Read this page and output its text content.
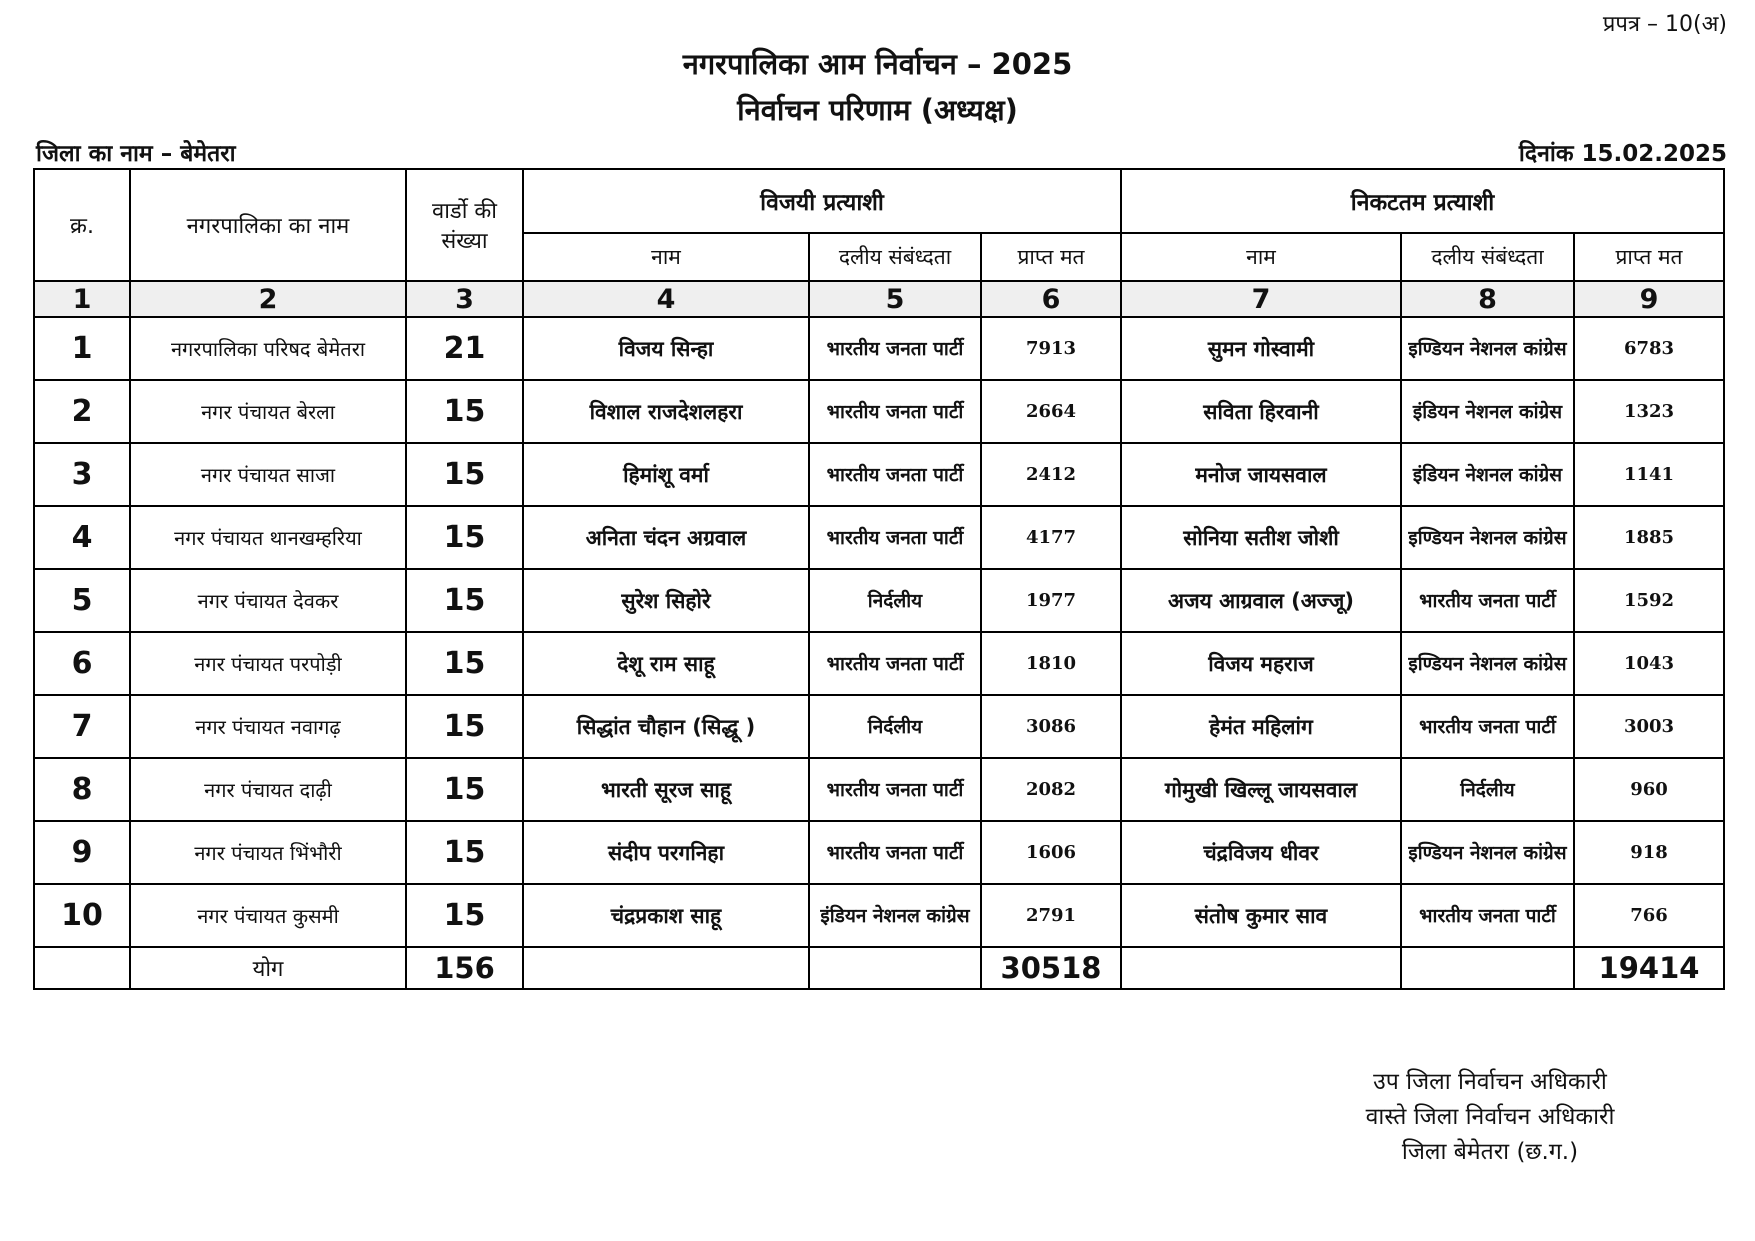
प्रपत्र – 10(अ)
नगरपालिका आम निर्वाचन – 2025
निर्वाचन परिणाम (अध्यक्ष)
जिला का नाम – बेमेतरा	दिनांक 15.02.2025
क्र.	नगरपालिका का नाम	वार्डो की संख्या	विजयी प्रत्याशी			निकटतम प्रत्याशी		
			नाम	दलीय संबंध्दता	प्राप्त मत	नाम	दलीय संबंध्दता	प्राप्त मत
1	2	3	4	5	6	7	8	9
1	नगरपालिका परिषद बेमेतरा	21	विजय सिन्हा	भारतीय जनता पार्टी	7913	सुमन गोस्वामी	इण्डियन नेशनल कांग्रेस	6783
2	नगर पंचायत बेरला	15	विशाल राजदेशलहरा	भारतीय जनता पार्टी	2664	सविता हिरवानी	इंडियन नेशनल कांग्रेस	1323
3	नगर पंचायत साजा	15	हिमांशू वर्मा	भारतीय जनता पार्टी	2412	मनोज जायसवाल	इंडियन नेशनल कांग्रेस	1141
4	नगर पंचायत थानखम्हरिया	15	अनिता चंदन अग्रवाल	भारतीय जनता पार्टी	4177	सोनिया सतीश जोशी	इण्डियन नेशनल कांग्रेस	1885
5	नगर पंचायत देवकर	15	सुरेश सिहोरे	निर्दलीय	1977	अजय आग्रवाल (अज्जू)	भारतीय जनता पार्टी	1592
6	नगर पंचायत परपोड़ी	15	देशू राम साहू	भारतीय जनता पार्टी	1810	विजय महराज	इण्डियन नेशनल कांग्रेस	1043
7	नगर पंचायत नवागढ़	15	सिद्धांत चौहान (सिद्धू )	निर्दलीय	3086	हेमंत महिलांग	भारतीय जनता पार्टी	3003
8	नगर पंचायत दाढ़ी	15	भारती सूरज साहू	भारतीय जनता पार्टी	2082	गोमुखी खिल्लू जायसवाल	निर्दलीय	960
9	नगर पंचायत भिंभौरी	15	संदीप परगनिहा	भारतीय जनता पार्टी	1606	चंद्रविजय धीवर	इण्डियन नेशनल कांग्रेस	918
10	नगर पंचायत कुसमी	15	चंद्रप्रकाश साहू	इंडियन नेशनल कांग्रेस	2791	संतोष कुमार साव	भारतीय जनता पार्टी	766
	योग	156			30518			19414
उप जिला निर्वाचन अधिकारी
वास्ते जिला निर्वाचन अधिकारी
जिला बेमेतरा (छ.ग.)
